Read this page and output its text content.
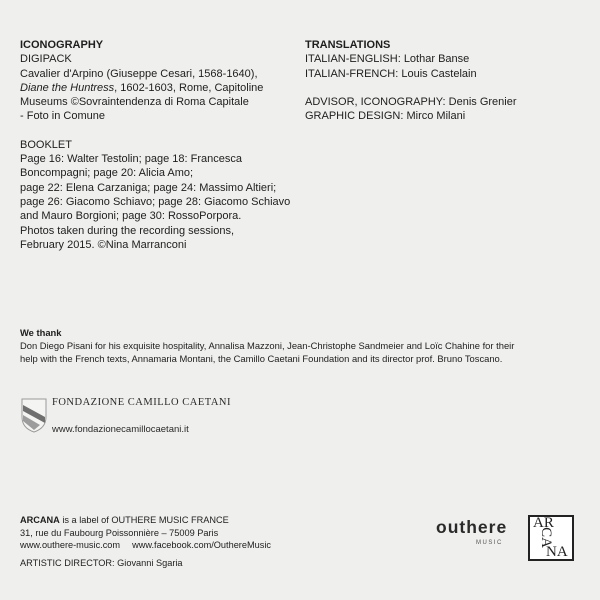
ICONOGRAPHY

DIGIPACK

Cavalier d'Arpino (Giuseppe Cesari, 1568-1640),

Diane the Huntress, 1602-1603, Rome, Capitoline

Museums ©Sovraintendenza di Roma Capitale

- Foto in Comune

BOOKLET

Page 16: Walter Testolin; page 18: Francesca

Boncompagni; page 20: Alicia Amo;

page 22: Elena Carzaniga; page 24: Massimo Altieri;

page 26: Giacomo Schiavo; page 28: Giacomo Schiavo

and Mauro Borgioni; page 30: RossoPorpora.

Photos taken during the recording sessions,

February 2015. ©Nina Marranconi

TRANSLATIONS

ITALIAN-ENGLISH: Lothar Banse

ITALIAN-FRENCH: Louis Castelain

ADVISOR, ICONOGRAPHY: Denis Grenier

GRAPHIC DESIGN: Mirco Milani

We thank

Don Diego Pisani for his exquisite hospitality, Annalisa Mazzoni, Jean-Christophe Sandmeier and Loïc Chahine for their

help with the French texts, Annamaria Montani, the Camillo Caetani Foundation and its director prof. Bruno Toscano.

FONDAZIONE CAMILLO CAETANI
www.fondazionecamillocaetani.it

ARCANA is a label of OUTHERE MUSIC FRANCE

31, rue du Faubourg Poissonnière – 75009 Paris

www.outhere-music.com www.facebook.com/OuthereMusic

ARTISTIC DIRECTOR: Giovanni Sgaria
outhere
MUSIC
AR
CA
NA
